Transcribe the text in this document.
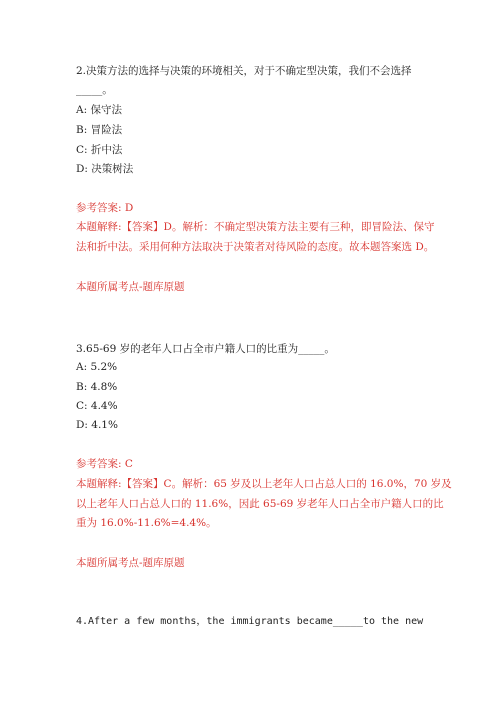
2.决策方法的选择与决策的环境相关，对于不确定型决策，我们不会选择
_____。
A: 保守法
B: 冒险法
C: 折中法
D: 决策树法
参考答案: D
本题解释:【答案】D。解析：不确定型决策方法主要有三种，即冒险法、保守
法和折中法。采用何种方法取决于决策者对待风险的态度。故本题答案选 D。
本题所属考点-题库原题
3.65-69 岁的老年人口占全市户籍人口的比重为_____。
A: 5.2%
B: 4.8%
C: 4.4%
D: 4.1%
参考答案: C
本题解释:【答案】C。解析：65 岁及以上老年人口占总人口的 16.0%，70 岁及
以上老年人口占总人口的 11.6%，因此 65-69 岁老年人口占全市户籍人口的比
重为 16.0%-11.6%=4.4%。
本题所属考点-题库原题
4.After a few months，the immigrants became_____to the new
